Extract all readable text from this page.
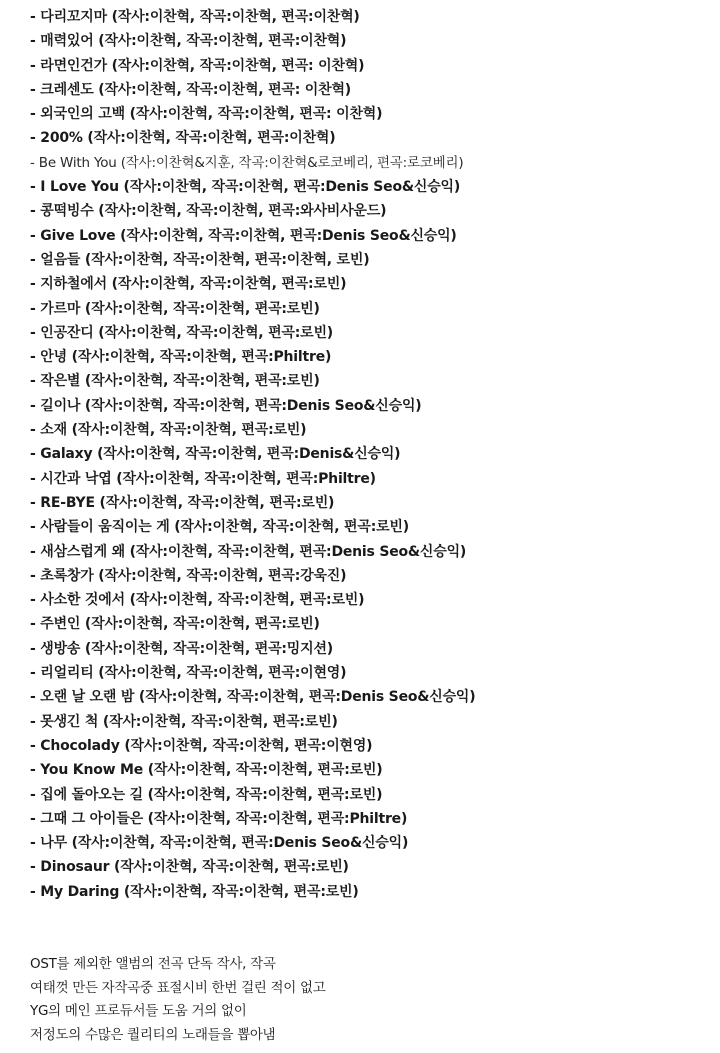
- 다리꼬지마 (작사:이찬혁, 작곡:이찬혁, 편곡:이찬혁)
- 매력있어 (작사:이찬혁, 작곡:이찬혁, 편곡:이찬혁)
- 라면인건가 (작사:이찬혁, 작곡:이찬혁, 편곡: 이찬혁)
- 크레센도 (작사:이찬혁, 작곡:이찬혁, 편곡: 이찬혁)
- 외국인의 고백 (작사:이찬혁, 작곡:이찬혁, 편곡: 이찬혁)
- 200% (작사:이찬혁, 작곡:이찬혁, 편곡:이찬혁)
- Be With You (작사:이찬혁&지훈, 작곡:이찬혁&로코베리, 편곡:로코베리)
- I Love You (작사:이찬혁, 작곡:이찬혁, 편곡:Denis Seo&신승익)
- 콩떡빙수 (작사:이찬혁, 작곡:이찬혁, 편곡:와사비사운드)
- Give Love (작사:이찬혁, 작곡:이찬혁, 편곡:Denis Seo&신승익)
- 얼음들 (작사:이찬혁, 작곡:이찬혁, 편곡:이찬혁, 로빈)
- 지하철에서 (작사:이찬혁, 작곡:이찬혁, 편곡:로빈)
- 가르마 (작사:이찬혁, 작곡:이찬혁, 편곡:로빈)
- 인공잔디 (작사:이찬혁, 작곡:이찬혁, 편곡:로빈)
- 안녕 (작사:이찬혁, 작곡:이찬혁, 편곡:Philtre)
- 작은별 (작사:이찬혁, 작곡:이찬혁, 편곡:로빈)
- 길이나 (작사:이찬혁, 작곡:이찬혁, 편곡:Denis Seo&신승익)
- 소재 (작사:이찬혁, 작곡:이찬혁, 편곡:로빈)
- Galaxy (작사:이찬혁, 작곡:이찬혁, 편곡:Denis&신승익)
- 시간과 낙엽 (작사:이찬혁, 작곡:이찬혁, 편곡:Philtre)
- RE-BYE (작사:이찬혁, 작곡:이찬혁, 편곡:로빈)
- 사람들이 움직이는 게 (작사:이찬혁, 작곡:이찬혁, 편곡:로빈)
- 새삼스럽게 왜 (작사:이찬혁, 작곡:이찬혁, 편곡:Denis Seo&신승익)
- 초록창가 (작사:이찬혁, 작곡:이찬혁, 편곡:강욱진)
- 사소한 것에서 (작사:이찬혁, 작곡:이찬혁, 편곡:로빈)
- 주변인 (작사:이찬혁, 작곡:이찬혁, 편곡:로빈)
- 생방송 (작사:이찬혁, 작곡:이찬혁, 편곡:밍지션)
- 리얼리티 (작사:이찬혁, 작곡:이찬혁, 편곡:이현영)
- 오랜 날 오랜 밤 (작사:이찬혁, 작곡:이찬혁, 편곡:Denis Seo&신승익)
- 못생긴 척 (작사:이찬혁, 작곡:이찬혁, 편곡:로빈)
- Chocolady (작사:이찬혁, 작곡:이찬혁, 편곡:이현영)
- You Know Me (작사:이찬혁, 작곡:이찬혁, 편곡:로빈)
- 집에 돌아오는 길 (작사:이찬혁, 작곡:이찬혁, 편곡:로빈)
- 그때 그 아이들은 (작사:이찬혁, 작곡:이찬혁, 편곡:Philtre)
- 나무 (작사:이찬혁, 작곡:이찬혁, 편곡:Denis Seo&신승익)
- Dinosaur (작사:이찬혁, 작곡:이찬혁, 편곡:로빈)
- My Daring (작사:이찬혁, 작곡:이찬혁, 편곡:로빈)
OST를 제외한 앨범의 전곡 단독 작사, 작곡
여태껏 만든 자작곡중 표절시비 한번 걸린 적이 없고
YG의 메인 프로듀서들 도움 거의 없이
저정도의 수많은 퀄리티의 노래들을 뽑아냄
